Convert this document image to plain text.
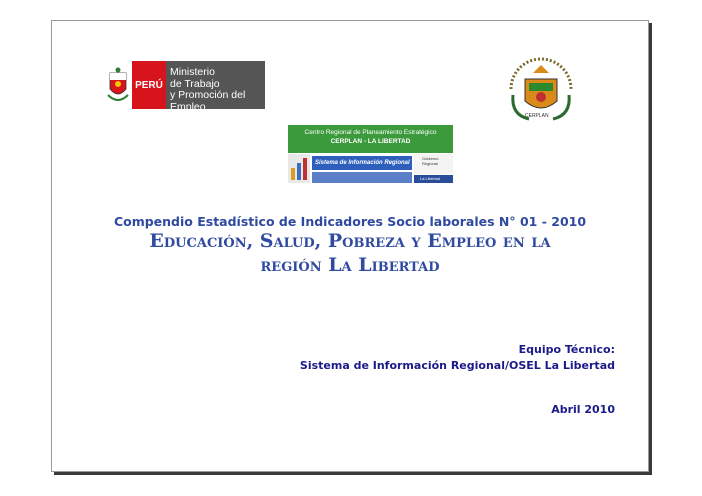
PERÚ
Ministerio
de Trabajo
y Promoción del Empleo
CERPLAN
Centro Regional de Planeamiento Estratégico
CERPLAN - LA LIBERTAD
Sistema de Información Regional
Gobierno Regional
La Libertad
Compendio Estadístico de Indicadores Socio laborales N° 01 - 2010
Educación, Salud, Pobreza y Empleo en la
región La Libertad
Equipo Técnico:
Sistema de Información Regional/OSEL La Libertad
Abril 2010
